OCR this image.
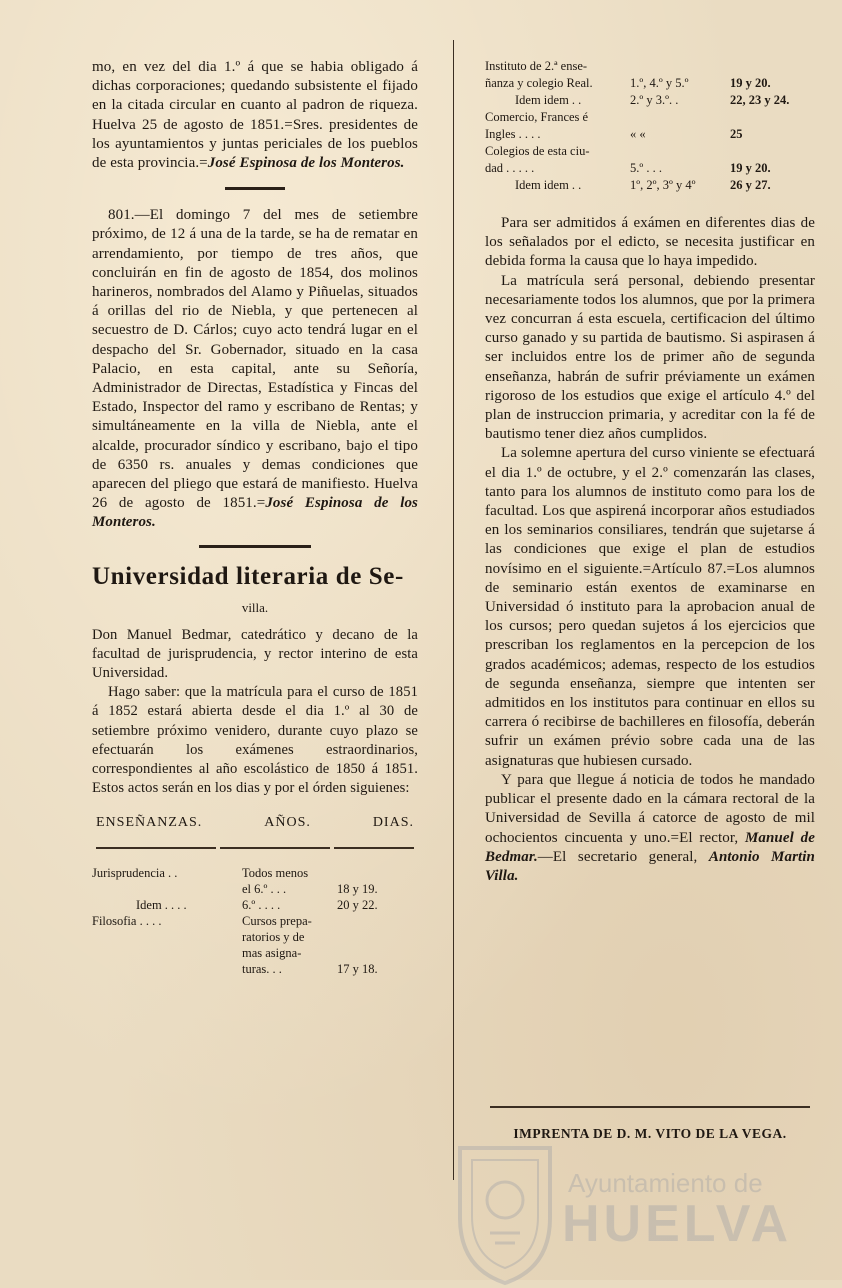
mo, en vez del dia 1.º á que se habia obligado á dichas corporaciones; quedando subsistente el fijado en la citada circular en cuanto al padron de riqueza. Huelva 25 de agosto de 1851.=Sres. presidentes de los ayuntamientos y juntas periciales de los pueblos de esta provincia.=José Espinosa de los Monteros.

801.—El domingo 7 del mes de setiembre próximo, de 12 á una de la tarde, se ha de rematar en arrendamiento, por tiempo de tres años, que concluirán en fin de agosto de 1854, dos molinos harineros, nombrados del Alamo y Piñuelas, situados á orillas del rio de Niebla, y que pertenecen al secuestro de D. Cárlos; cuyo acto tendrá lugar en el despacho del Sr. Gobernador, situado en la casa Palacio, en esta capital, ante su Señoría, Administrador de Directas, Estadística y Fincas del Estado, Inspector del ramo y escribano de Rentas; y simultáneamente en la villa de Niebla, ante el alcalde, procurador síndico y escribano, bajo el tipo de 6350 rs. anuales y demas condiciones que aparecen del pliego que estará de manifiesto. Huelva 26 de agosto de 1851.=José Espinosa de los Monteros.

Universidad literaria de Se-
villa.

Don Manuel Bedmar, catedrático y decano de la facultad de jurisprudencia, y rector interino de esta Universidad.

Hago saber: que la matrícula para el curso de 1851 á 1852 estará abierta desde el dia 1.º al 30 de setiembre próximo venidero, durante cuyo plazo se efectuarán los exámenes estraordinarios, correspondientes al año escolástico de 1850 á 1851. Estos actos serán en los dias y por el órden siguienes:

ENSEÑANZAS.	AÑOS.	DIAS.
Jurisprudencia . .	Todos menos
el 6.º . . .	18 y 19.
Idem . . . .	6.º . . . .	20 y 22.
Filosofia . . . .	Cursos prepa-
ratorios y de
mas asigna-
turas. . .	17 y 18.
Instituto de 2.ª ense-
ñanza y colegio Real.	1.º, 4.º y 5.º	19 y 20.
Idem idem . .	2.º y 3.º. .	22, 23 y 24.
Comercio, Frances é
Ingles . . . .	« «	25
Colegios de esta ciu-
dad . . . . .	5.º . . .	19 y 20.
Idem idem . .	1º, 2º, 3º y 4º	26 y 27.

Para ser admitidos á exámen en diferentes dias de los señalados por el edicto, se necesita justificar en debida forma la causa que lo haya impedido.

La matrícula será personal, debiendo presentar necesariamente todos los alumnos, que por la primera vez concurran á esta escuela, certificacion del último curso ganado y su partida de bautismo. Si aspirasen á ser incluidos entre los de primer año de segunda enseñanza, habrán de sufrir préviamente un exámen rigoroso de los estudios que exige el artículo 4.º del plan de instruccion primaria, y acreditar con la fé de bautismo tener diez años cumplidos.

La solemne apertura del curso viniente se efectuará el dia 1.º de octubre, y el 2.º comenzarán las clases, tanto para los alumnos de instituto como para los de facultad. Los que aspirená incorporar años estudiados en los seminarios consiliares, tendrán que sujetarse á las condiciones que exige el plan de estudios novísimo en el siguiente.=Artículo 87.=Los alumnos de seminario están exentos de examinarse en Universidad ó instituto para la aprobacion anual de los cursos; pero quedan sujetos á los ejercicios que prescriban los reglamentos en la percepcion de los grados académicos; ademas, respecto de los estudios de segunda enseñanza, siempre que intenten ser admitidos en los institutos para continuar en ellos su carrera ó recibirse de bachilleres en filosofía, deberán sufrir un exámen prévio sobre cada una de las asignaturas que hubiesen cursado.

Y para que llegue á noticia de todos he mandado publicar el presente dado en la cámara rectoral de la Universidad de Sevilla á catorce de agosto de mil ochocientos cincuenta y uno.=El rector, Manuel de Bedmar.—El secretario general, Antonio Martin Villa.

IMPRENTA DE D. M. VITO DE LA VEGA.
Ayuntamiento de
HUELVA
